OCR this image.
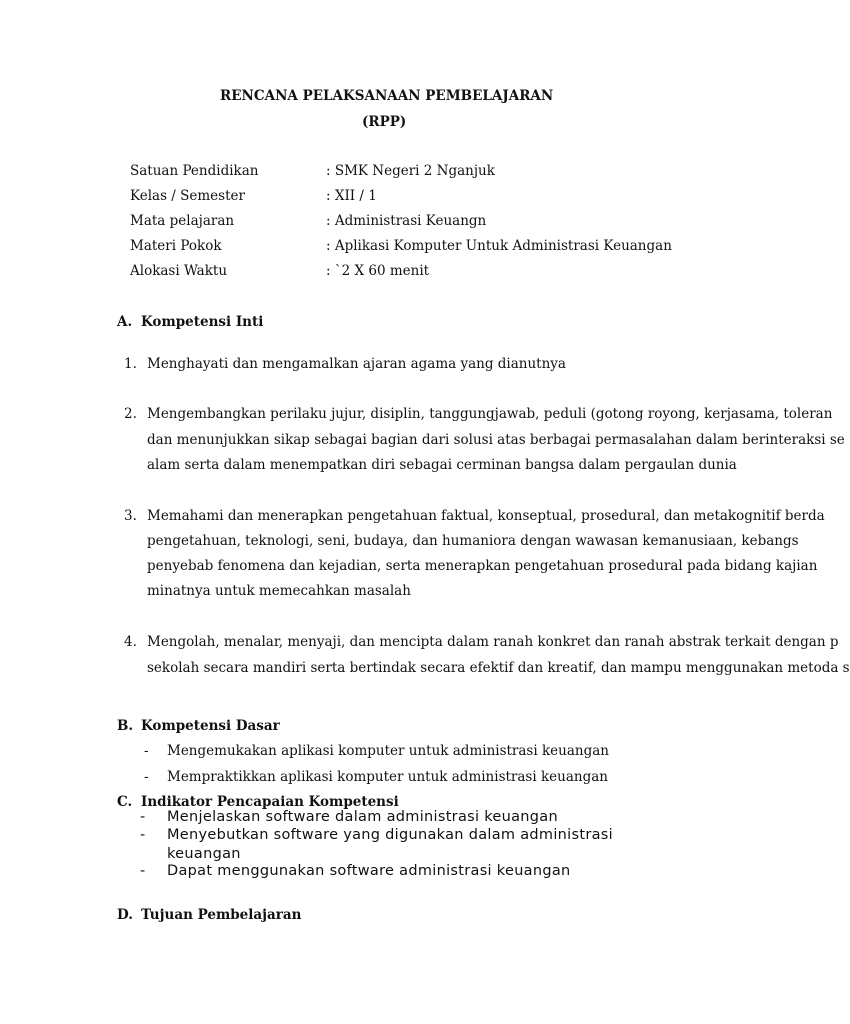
RENCANA PELAKSANAAN PEMBELAJARAN
(RPP)
Satuan Pendidikan	: SMK Negeri 2 Nganjuk
Kelas / Semester	: XII / 1
Mata pelajaran	: Administrasi Keuangn
Materi Pokok	: Aplikasi Komputer Untuk Administrasi Keuangan
Alokasi Waktu	: `2 X 60 menit
A. Kompetensi Inti
1. Menghayati dan mengamalkan ajaran agama yang dianutnya
2. Mengembangkan perilaku jujur, disiplin, tanggungjawab, peduli (gotong royong, kerjasama, toleran
dan menunjukkan sikap sebagai bagian dari solusi atas berbagai permasalahan dalam berinteraksi se
alam serta dalam menempatkan diri sebagai cerminan bangsa dalam pergaulan dunia
3. Memahami dan menerapkan pengetahuan faktual, konseptual, prosedural, dan metakognitif berda
pengetahuan, teknologi, seni, budaya, dan humaniora dengan wawasan kemanusiaan, kebangs
penyebab fenomena dan kejadian, serta menerapkan pengetahuan prosedural pada bidang kajian
minatnya untuk memecahkan masalah
4. Mengolah, menalar, menyaji, dan mencipta dalam ranah konkret dan ranah abstrak terkait dengan p
sekolah secara mandiri serta bertindak secara efektif dan kreatif, dan mampu menggunakan metoda s
B. Kompetensi Dasar
- Mengemukakan aplikasi komputer untuk administrasi keuangan
- Mempraktikkan aplikasi komputer untuk administrasi keuangan
C. Indikator Pencapaian Kompetensi
- Menjelaskan software dalam administrasi keuangan
- Menyebutkan software yang digunakan dalam administrasi
keuangan
- Dapat menggunakan software administrasi keuangan
D. Tujuan Pembelajaran
